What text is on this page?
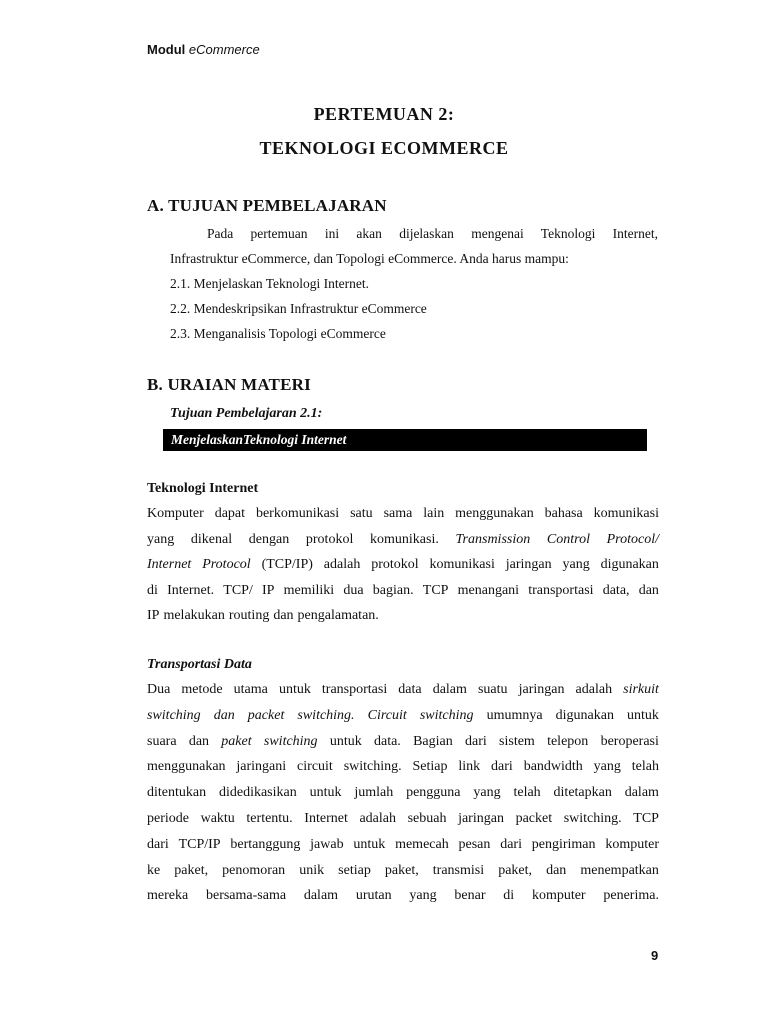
Modul eCommerce
PERTEMUAN 2:
TEKNOLOGI ECOMMERCE
A. TUJUAN PEMBELAJARAN
Pada pertemuan ini akan dijelaskan mengenai Teknologi Internet,
Infrastruktur eCommerce, dan Topologi eCommerce. Anda harus mampu:
2.1. Menjelaskan Teknologi Internet.
2.2. Mendeskripsikan Infrastruktur eCommerce
2.3. Menganalisis Topologi eCommerce
B. URAIAN MATERI
Tujuan Pembelajaran 2.1:
MenjelaskanTeknologi Internet
Teknologi Internet
Komputer dapat berkomunikasi satu sama lain menggunakan bahasa komunikasi
yang dikenal dengan protokol komunikasi. Transmission Control Protocol/
Internet Protocol (TCP/IP) adalah protokol komunikasi jaringan yang digunakan
di Internet. TCP/ IP memiliki dua bagian. TCP menangani transportasi data, dan
IP melakukan routing dan pengalamatan.
Transportasi Data
Dua metode utama untuk transportasi data dalam suatu jaringan adalah sirkuit
switching dan packet switching. Circuit switching umumnya digunakan untuk
suara dan paket switching untuk data. Bagian dari sistem telepon beroperasi
menggunakan jaringani circuit switching. Setiap link dari bandwidth yang telah
ditentukan didedikasikan untuk jumlah pengguna yang telah ditetapkan dalam
periode waktu tertentu. Internet adalah sebuah jaringan packet switching. TCP
dari TCP/IP bertanggung jawab untuk memecah pesan dari pengiriman komputer
ke paket, penomoran unik setiap paket, transmisi paket, dan menempatkan
mereka bersama-sama dalam urutan yang benar di komputer penerima.
9
